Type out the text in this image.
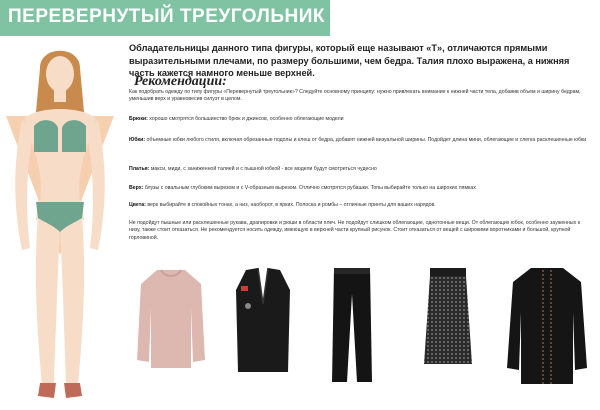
ПЕРЕВЕРНУТЫЙ ТРЕУГОЛЬНИК
Обладательницы данного типа фигуры, который еще называют «Т», отличаются прямыми выразительными плечами, по размеру большими, чем бедра. Талия плохо выражена, а нижняя часть кажется намного меньше верхней.
Рекомендации:
Как подобрать одежду по типу фигуры «Перевернутый треугольник»? Следуйте основному принципу: нужно привлекать внимание к нижней части тела, добавив объем и ширину бедрам, уменьшив верх и уравновесив силуэт в целом.
Брюки: хорошо смотрятся большинство брюк и джинсов, особенно облегающие модели
Юбки: объемные юбки любого стиля, включая обрезанные подолы и клеш от бедра, добавят нижней визуальной ширины. Подойдет длина мини, облегающие и слегка расклешенные юбки
Платья: макси, миди, с заниженной талией и с пышной юбкой - все модели будут смотреться чудесно
Верх: блузы с овальным глубоким вырезом и с V-образным вырезом. Отлично смотрятся рубашки. Топы выбирайте только на широких лямках
Цвета: верх выбирайте в спокойных тонах, а низ, наоборот, в ярких. Полоска и ромбы – отличные принты для ваших нарядов.
Не подойдут пышные или расклешенные рукава, драпировки и рюши в области плеч. Не подойдут слишком облегающие, однотонные вещи. От облегающих юбок, особенно зауженных к низу, также стоит отказаться. Не рекомендуется носить одежду, имеющую в верхней части крупный рисунок. Стоит отказаться от вещей с широкими воротниками и большой, крупной горловиной.
